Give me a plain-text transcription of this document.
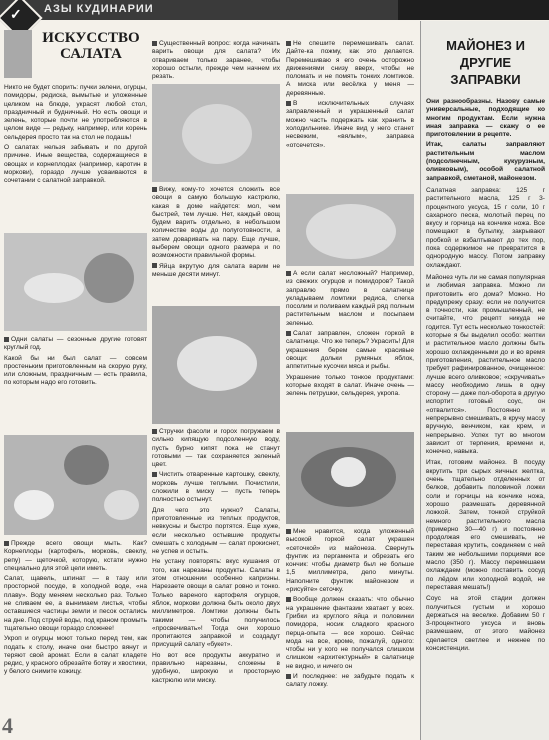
✓ АЗЫ КУДИНАРИИ
ИСКУССТВО
САЛАТА

Никто не будет спорить: пучки зелени, огурцы, помидоры, редиска, вымытые и уложенные целиком на блюде, украсят любой стол, праздничный и будничный. Но есть овощи и зелень, которые почти не употребляются в целом виде — редьку, например, или корень сельдерея просто так на стол не подашь!

О салатах нельзя забывать и по другой причине. Иные вещества, содержащиеся в овощах и корнеплодах (например, каротин в моркови), гораздо лучше усваиваются в сочетании с салатной заправкой.

Одни салаты — сезонные другие готовят круглый год.

Какой бы ни был салат — совсем простеньким приготовленным на скорую руку, или сложным, праздничным — есть правила, по которым надо его готовить.

Прежде всего овощи мыть. Как? Корнеплоды (картофель, морковь, свеклу, репу) — щеточкой, которую, кстати нужно специально для этой цели иметь.

Салат, щавель, шпинат — в тазу или просторной посуде, в холодной воде, «на плаву». Воду меняем несколько раз. Только не сливаем ее, а вынимаем листья, чтобы оставшиеся частицы земли и песок остались на дне. Под струей воды, под краном промыть тщательно овощи гораздо сложнее!

Укроп и огурцы моют только перед тем, как подать к столу, иначе они быстро вянут и теряют свой аромат. Если в салат кладете редис, у красного обрезайте ботву и хвостики, у белого снимите кожицу.

Существенный вопрос: когда начинать варить овощи для салата? Их отвариваем только заранее, чтобы хорошо остыли, прежде чем начнем их резать.

Вижу, кому-то хочется сложить все овощи в самую большую кастрюлю, какая в доме найдется: мол, чем быстрей, тем лучше. Нет, каждый овощ будем варить отдельно, в небольшом количестве воды до полуготовности, а затем доваривать на пару. Еще лучше, выберем овощи одного размера и по возможности правильной формы.

Яйца вкрутую для салата варим не меньше десяти минут.

Стручки фасоли и горох погружаем в сильно кипящую подсоленную воду, пусть бурно кипят пока не станут готовыми — так сохраняется зеленый цвет.

Чистить отваренные картошку, свеклу, морковь лучше теплыми. Почистили, сложили в миску — пусть теперь полностью остынут.

Для чего это нужно? Салаты, приготовленные из теплых продуктов, невкусны и быстро портятся. Еще хуже, если несколько остывшие продукты смешать с холодным — салат прокиснет, не успев и остыть.

Не устану повторять: вкус кушания от того, как нарезаны продукты. Салаты в этом отношении особенно капризны. Нарезаете овощи в салат ровно и тонко. Только вареного картофеля огурцов, яблок, моркови должна быть около двух миллиметров. Ломтики должны быть такими — чтобы получилось «просвечивать»! Тогда они хорошо пропитаются заправкой и создадут присущий салату «букет».

Но вот все продукты аккуратно и правильно нарезаны, сложены в удобную, широкую и просторную кастрюлю или миску.

Не спешите перемешивать салат. Дайте-ка пожму, как это делается. Перемешиваю я его очень осторожно движениями снизу вверх, чтобы не поломать и не помять тонких ломтиков. А миска или весёлка у меня — деревянные.

В исключительных случаях заправленный и украшенный салат можно часть подержать как хранить в холодильнике. Иначе вид у него станет несвежим, «вялым», заправка «отсечется».

А если салат несложный? Например, из свежих огурцов и помидоров? Такой заправлю прямо в салатнице укладываем ломтики редиса, слегка посолим и поливаем каждый ряд полным растительным маслом и посыпаем зеленью.

Салат заправлен, сложен горкой в салатнице. Что же теперь? Украсить! Для украшения берем самые красивые овощи: дольки румяных яблок, аппетитные кусочки мяса и рыбы.

Украшение только тонкое продуктами: которые входят в салат. Иначе очень — зелень петрушки, сельдерея, укропа.

Мне нравится, когда уложенный высокой горкой салат украшен «сеточкой» из майонеза. Свернуть фунтик из пергамента и обрезать его кончик: чтобы диаметр был не больше 1,5 миллиметра, дело минуты. Наполните фунтик майонезом и «рисуйте» сеточку.

Вообще должен сказать: что обычно на украшение фантазии хватает у всех. Грибки из круглого яйца и половинки помидора, носик сладкого красного перца-опыта — все хорошо. Сейчас мода на все, кроме, пожалуй, одного: чтобы ни у кого не получался слишком слишком «архитектурный» в салатнице не видно, и ничего он

И последнее: не забудьте подать к салату ложку.

МАЙОНЕЗ И
ДРУГИЕ
ЗАПРАВКИ

Они разнообразны. Назову самые универсальные, подходящие ко многим продуктам. Если нужна иная заправка — скажу о ее приготовлении в рецепте.

Итак, салаты заправляют растительным маслом (подсолнечным, кукурузным, оливковым), особой салатной заправкой, сметаной, майонезом.

Салатная заправка: 125 г растительного масла, 125 г 3-процентного уксуса, 15 г соли, 10 г сахарного песка, молотый перец по вкусу и горчица на кончике ножа. Все помещают в бутылку, закрывают пробкой и взбалтывают до тех пор, пока содержимое не превратится в однородную массу. Потом заправку охлаждают.

Майонез чуть ли не самая популярная и любимая заправка. Можно ли приготовить его дома? Можно. Но предупрежу сразу: если не получится в точности, как промышленный, не считайте, что рецепт никуда не годится. Тут есть несколько тонкостей: которые я бы выделил особо: желтки и растительное масло должны быть хорошо охлажденными до и во время приготовления, растительное масло требует рафинированное, очищенное: лучше всего оливковое; «скручивать» массу необходимо лишь в одну сторону — даже пол-оборота в другую испортит готовый соус, он «отвалится». Постоянно и непрерывно смешивать, в кручу массу вручную, венчиком, как крем, и непрерывно. Успех тут во многом зависит от терпения, времени и, конечно, навыка.

Итак, готовим майонез. В посуду вкрутить три сырых яичных желтка, очень тщательно отделенных от белков, добавить половиной ложки соли и горчицы на кончике ножа, хорошо размешать деревянной ложкой. Затем, тонкой струйкой немного растительного масла (примерно 30—40 г) и постоянно продолжая его смешивать, не переставая крутить, соединяем с ней таким же небольшими порциями все масло (350 г). Массу перемешаем охлаждаем (можно поставить сосуд по лёдом или холодной водой, не переставая мешать!)

Соус на этой стадии должен получиться густым и хорошо держаться на веселке. Добавим 50 г 3-процентного уксуса и вновь размешаем, от этого майонез сделается светлее и нежнее по консистенции.

4
